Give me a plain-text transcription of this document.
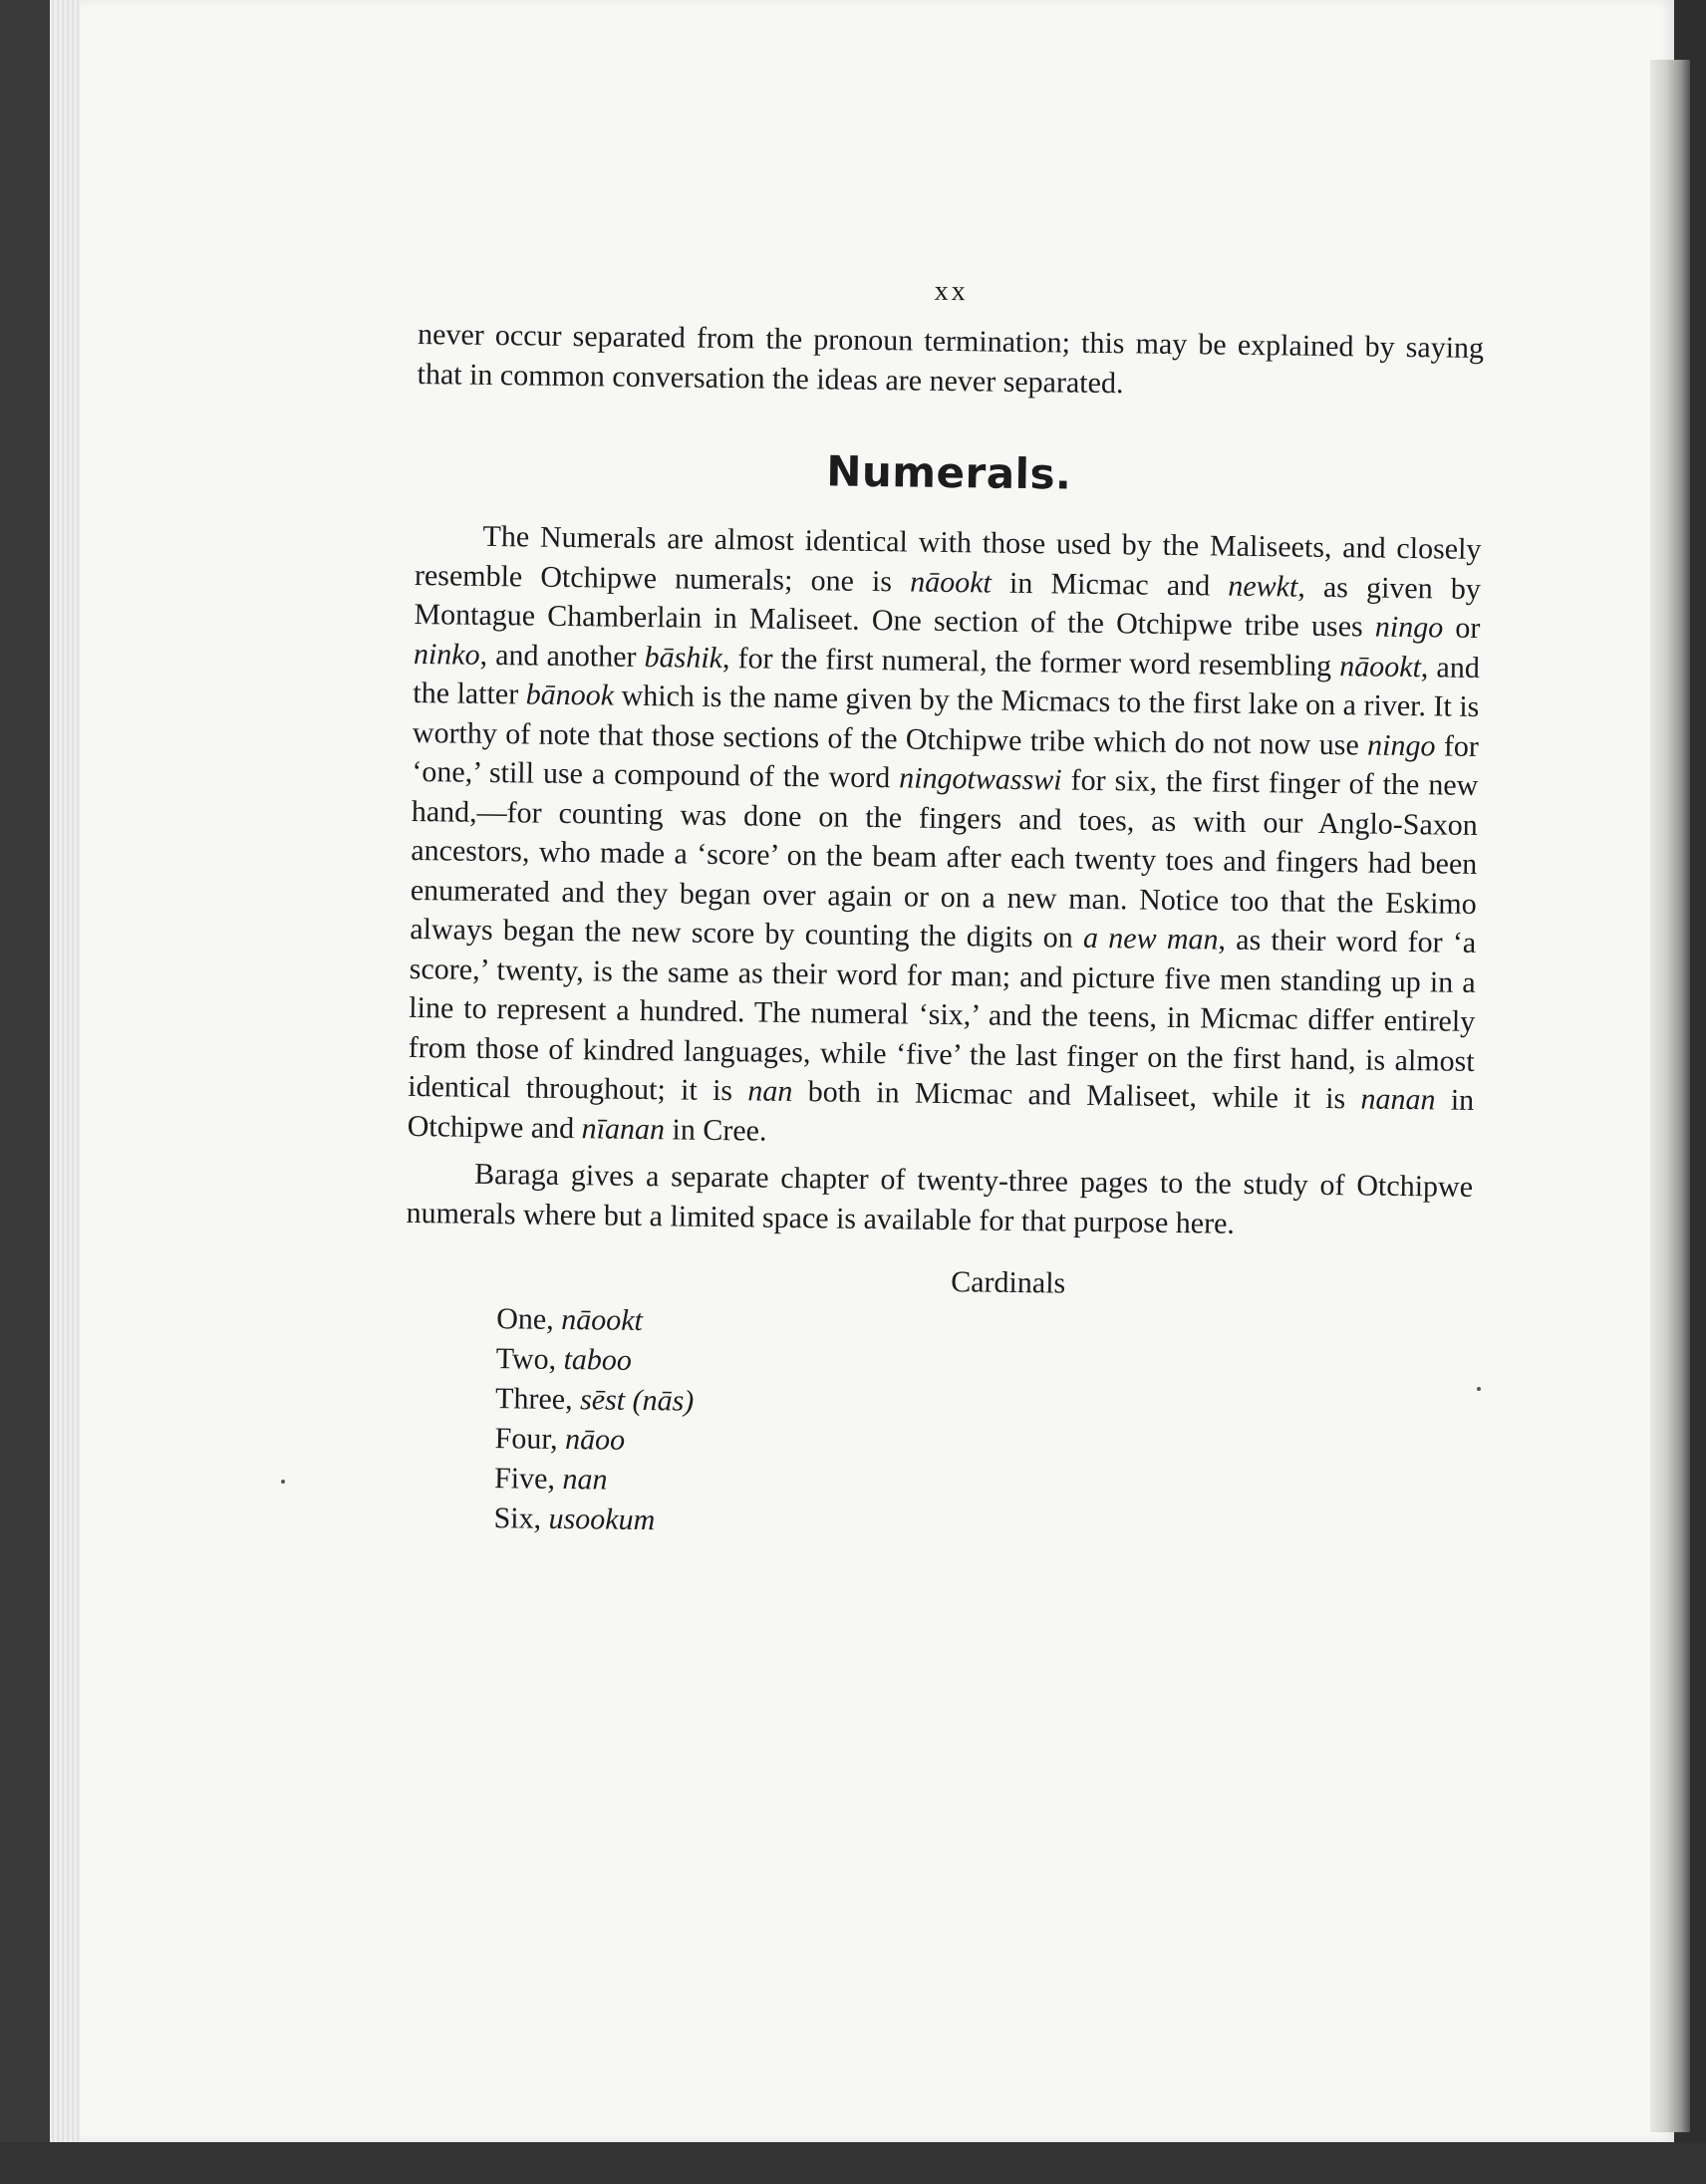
xx

never occur separated from the pronoun termination; this may be explained by saying that in common conversation the ideas are never separated.

Numerals.

The Numerals are almost identical with those used by the Maliseets, and closely resemble Otchipwe numerals; one is nāookt in Micmac and newkt, as given by Montague Chamberlain in Maliseet. One section of the Otchipwe tribe uses ningo or ninko, and another bāshik, for the first numeral, the former word resembling nāookt, and the latter bānook which is the name given by the Micmacs to the first lake on a river. It is worthy of note that those sections of the Otchipwe tribe which do not now use ningo for ‘one,’ still use a compound of the word ningotwasswi for six, the first finger of the new hand,—for counting was done on the fingers and toes, as with our Anglo-Saxon ancestors, who made a ‘score’ on the beam after each twenty toes and fingers had been enumerated and they began over again or on a new man. Notice too that the Eskimo always began the new score by counting the digits on a new man, as their word for ‘a score,’ twenty, is the same as their word for man; and picture five men standing up in a line to represent a hundred. The numeral ‘six,’ and the teens, in Micmac differ entirely from those of kindred languages, while ‘five’ the last finger on the first hand, is almost identical throughout; it is nan both in Micmac and Maliseet, while it is nanan in Otchipwe and nīanan in Cree.

Baraga gives a separate chapter of twenty-three pages to the study of Otchipwe numerals where but a limited space is available for that purpose here.

Cardinals
One, nāookt
Two, taboo
Three, sēst (nās)
Four, nāoo
Five, nan
Six, usookum
